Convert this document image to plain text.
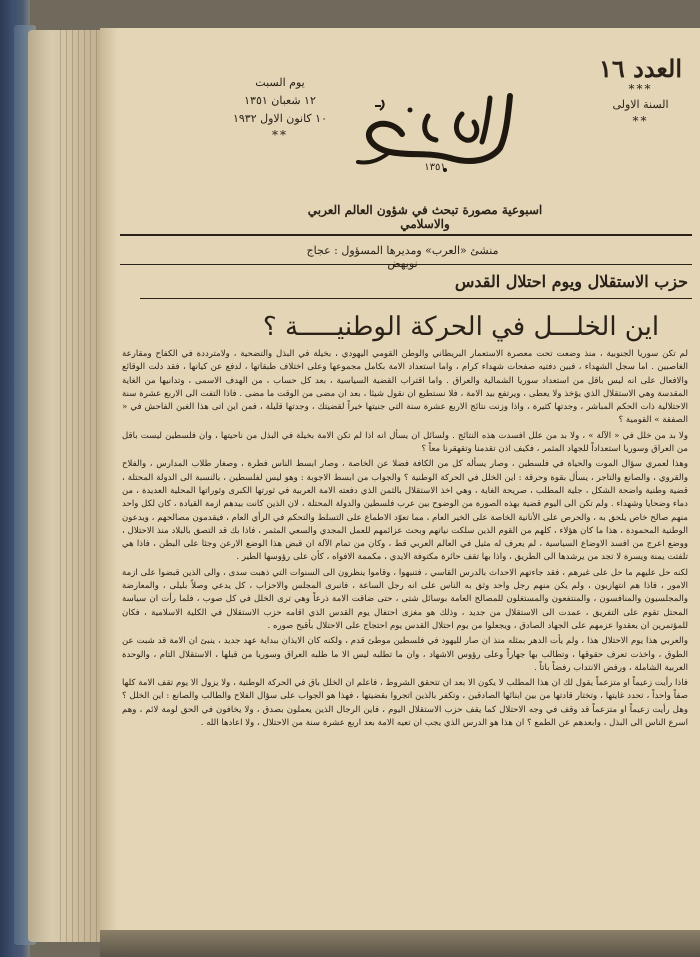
العدد ١٦
***
السنة الاولى
**
١٣٥١
يوم السبت
١٢ شعبان ١٣٥١
١٠ كانون الاول ١٩٣٢
**
اسبوعية مصورة تبحث في شؤون العالم العربي والاسلامي
منشئ «العرب» ومديرها المسؤول : عجاج نويهض
حزب الاستقلال ويوم احتلال القدس
اين الخلـــل في الحركة الوطنيـــــة ؟

لم تكن سوريا الجنوبية ، منذ وضعت تحت معصرة الاستعمار البريطاني والوطن القومي اليهودي ، بخيلة في البذل والتضحية ، ولامترددة في الكفاح ومقارعة الغاصبين . اما سجل الشهداء ، فبين دفتيه صفحات شهداء كرام ، واما استعداد الامة بكامل مجموعها وعلى اختلاف طبقاتها ، لدفع عن كيانها ، فقد دلت الوقائع والافعال على انه ليس باقل من استعداد سوريا الشمالية والعراق . واما اقتراب القضية السياسية ، بعد كل حساب ، من الهدف الاسمى ، وتدانيها من الغاية المقدسة وهي الاستقلال الذي يؤخذ ولا يعطى ، ويرتفع بيد الامة ، فلا نستطيع ان نقول شيئا ، بعد ان مضى من الوقت ما مضى . فاذا التفت الى الاربع عشرة سنة الاحتلالية ذات الحكم المباشر ، وجدتها كثيرة ، واذا وزنت نتائج الاربع عشرة سنة التي جنيتها خيراً لقضيتك ، وجدتها قليلة ، فمن اين اتى هذا الغبن الفاحش في « الصفقة » القومية ؟

ولا بد من خلل في « الآلة » ، ولا بد من علل افسدت هذه النتائج . ولسائل ان يسأل انه اذا لم تكن الامة بخيلة في البذل من ناحيتها ، وان فلسطين ليست باقل من العراق وسوريا استعداداً للجهاد المثمر ، فكيف اذن تقدمنا وتقهقرنا معاً ؟

وهذا لعمري سؤال الموت والحياة في فلسطين ، وصار يسأله كل من الكافة فضلا عن الخاصة ، وصار ابسط الناس فطرة ، وصغار طلاب المدارس ، والفلاح والقروي ، والصانع والتاجر ، يسأل بقوة وحرقة : اين الخلل في الحركة الوطنية ؟ والجواب من ابسط الاجوبة : وهو ليس لفلسطين ، بالنسبة الى الدولة المحتلة ، قضية وطنية واضحة الشكل ، جلية المطلب ، صريحة الغاية ، وهي اخذ الاستقلال بالثمن الذي دفعته الامة العربية في ثورتها الكبرى وثوراتها المحلية العديدة ، من دماء وضحايا وشهداء . ولم تكن الى اليوم قضية بهذه الصورة من الوضوح بين عرب فلسطين والدولة المحتلة ، لان الذين كانت بيدهم ازمة القيادة ، كان لكل واحد منهم صالح خاص يلحق به ، والحرص على الأنانية الخاصة على الخير العام ، مما تعوّد الاطماع على التسلط والتحكم في الرأي العام ، فيقدمون مصالحهم ، ويدعون الوطنية المحمودة ، هذا ما كان هؤلاء ، كلهم من القوم الذين سلكت نياتهم وبحث عزائمهم للعمل المجدي والسعي المثمر ، فاذا بك قد التصق بالبلاد منذ الاحتلال ، ووضع اعرج من افسد الاوضاع السياسية ، لم يعرف له مثيل في العالم العربي قط ، وكان من تمام الآلة ان قبض هذا الوضع الارعن وجثا على البطن ، فاذا هي تلفتت يمنة ويسرة لا تجد من يرشدها الى الطريق ، واذا بها تقف حائرة مكتوفة الايدي ، مكممة الافواه ، كأن على رؤوسها الطير .

لكنه حل عليهم ما حل على غيرهم ، فقد جاءتهم الاحداث بالدرس القاسي ، فتنبهوا ، وقاموا ينظرون الى السنوات التي ذهبت سدى ، والى الذين قبضوا على ازمة الامور ، فاذا هم انتهازيون ، ولم يكن منهم رجل واحد وثق به الناس على انه رجل الساعة ، فانبرى المجلس والاحزاب ، كل يدعي وصلاً بليلى ، والمعارضة والمجلسيون والمنافسون ، والمنتفعون والمستغلون للمصالح العامة بوسائل شتى ، حتى ضاقت الامة ذرعاً وهي ترى الخلل في كل صوب ، فلما رأت ان سياسة المحتل تقوم على التفريق ، عمدت الى الاستقلال من جديد ، وذلك هو مغزى احتفال يوم القدس الذي اقامه حزب الاستقلال في الكلية الاسلامية ، فكان للمؤتمرين ان يعقدوا عزمهم على الجهاد الصادق ، ويجعلوا من يوم احتلال القدس يوم احتجاج على الاحتلال بأقبح صوره .

والعربي هذا يوم الاحتلال هذا ، ولم يأت الدهر بمثله منذ ان صار لليهود في فلسطين موطئ قدم ، ولكنه كان الايذان ببداية عهد جديد ، ينبئ ان الامة قد شبت عن الطوق ، واخذت تعرف حقوقها ، وتطالب بها جهاراً وعلى رؤوس الاشهاد ، وان ما تطلبه ليس الا ما طلبه العراق وسوريا من قبلها ، الاستقلال التام ، والوحدة العربية الشاملة ، ورفض الانتداب رفضاً باتاً .

فاذا رأيت زعيماً او متزعماً يقول لك ان هذا المطلب لا يكون الا بعد ان تتحقق الشروط ، فاعلم ان الخلل باق في الحركة الوطنية ، ولا يزول الا يوم تقف الامة كلها صفاً واحداً ، تحدد غايتها ، وتختار قادتها من بين ابنائها الصادقين ، وتكفر بالذين اتجروا بقضيتها ، فهذا هو الجواب على سؤال الفلاح والطالب والصانع : اين الخلل ؟ وهل رأيت زعيماً او متزعماً قد وقف في وجه الاحتلال كما يقف حزب الاستقلال اليوم ، فاين الرجال الذين يعملون بصدق ، ولا يخافون في الحق لومة لائم ، وهم اسرع الناس الى البذل ، وابعدهم عن الطمع ؟ ان هذا هو الدرس الذي يجب ان تعيه الامة بعد اربع عشرة سنة من الاحتلال ، ولا اعادها الله .
